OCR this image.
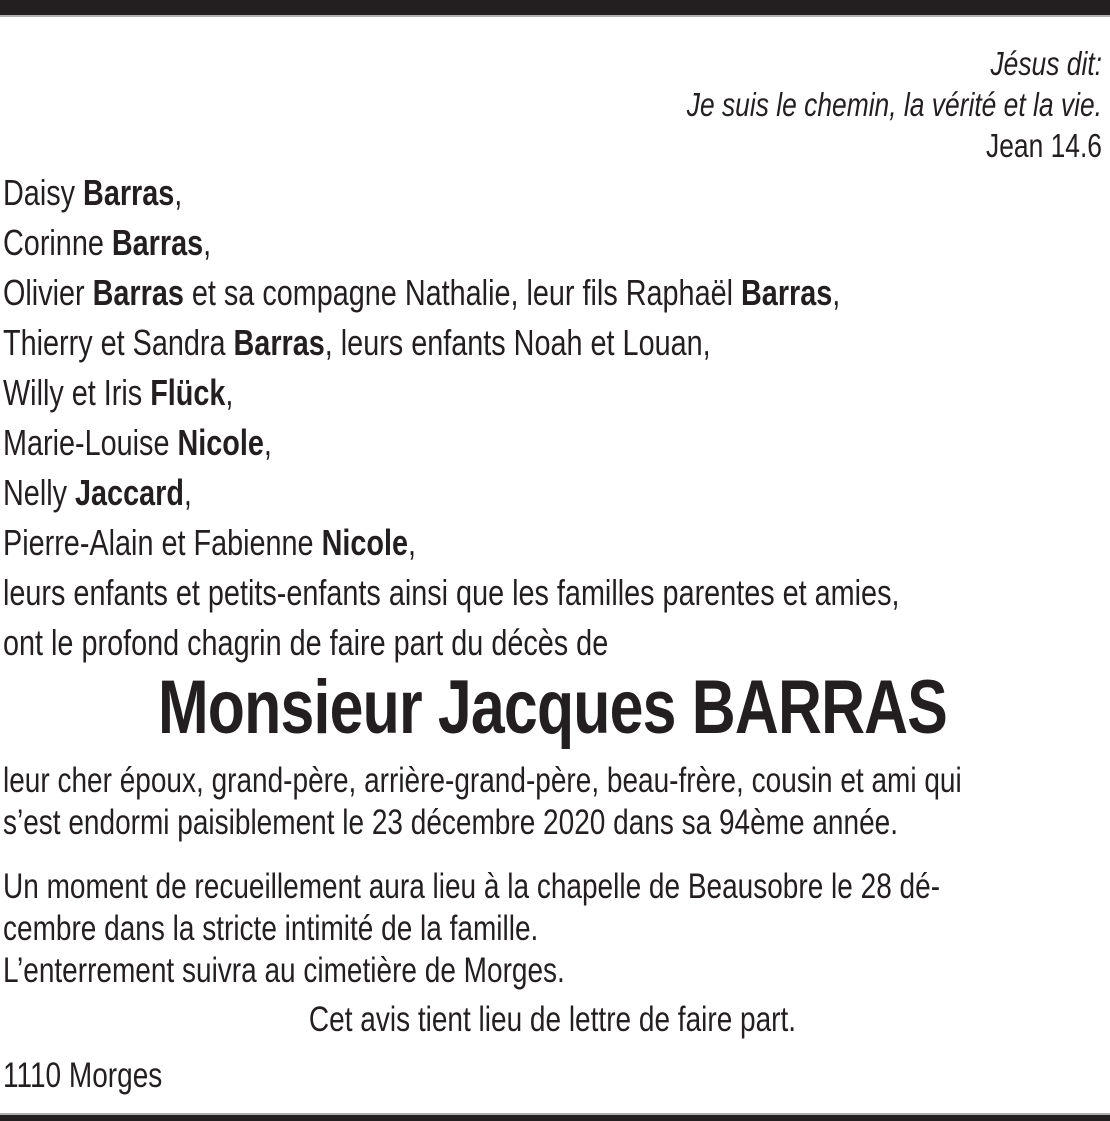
Jésus dit:
Je suis le chemin, la vérité et la vie.
Jean 14.6
Daisy Barras,
Corinne Barras,
Olivier Barras et sa compagne Nathalie, leur fils Raphaël Barras,
Thierry et Sandra Barras, leurs enfants Noah et Louan,
Willy et Iris Flück,
Marie-Louise Nicole,
Nelly Jaccard,
Pierre-Alain et Fabienne Nicole,
leurs enfants et petits-enfants ainsi que les familles parentes et amies,
ont le profond chagrin de faire part du décès de
Monsieur Jacques BARRAS
leur cher époux, grand-père, arrière-grand-père, beau-frère, cousin et ami qui
s’est endormi paisiblement le 23 décembre 2020 dans sa 94ème année.
Un moment de recueillement aura lieu à la chapelle de Beausobre le 28 dé-
cembre dans la stricte intimité de la famille.
L’enterrement suivra au cimetière de Morges.
Cet avis tient lieu de lettre de faire part.
1110 Morges
